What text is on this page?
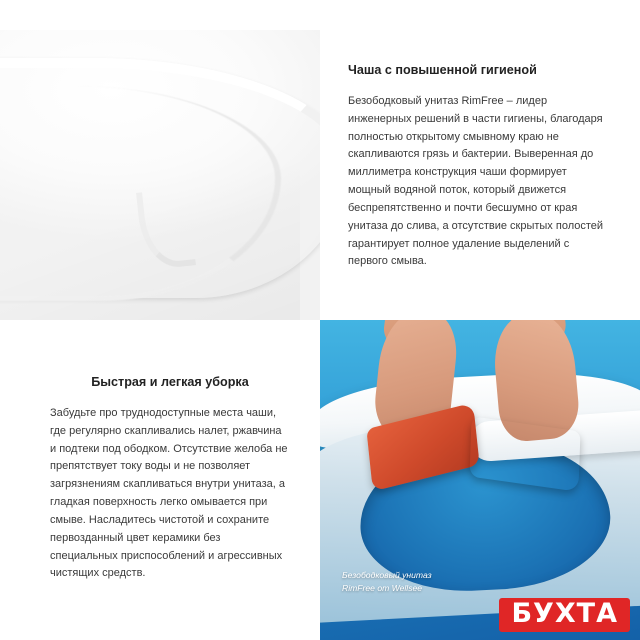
Чаша с повышенной гигиеной

Безободковый унитаз RimFree – лидер инженерных решений в части гигиены, благодаря полностью открытому смывному краю не скапливаются грязь и бактерии. Выверенная до миллиметра конструкция чаши формирует мощный водяной поток, который движется беспрепятственно и почти бесшумно от края унитаза до слива, а отсутствие скрытых полостей гарантирует полное удаление выделений с первого смыва.

Быстрая и легкая уборка

Забудьте про труднодоступные места чаши, где регулярно скапливались налет, ржавчина и подтеки под ободком. Отсутствие желоба не препятствует току воды и не позволяет загрязнениям скапливаться внутри унитаза, а гладкая поверхность легко омывается при смыве. Насладитесь чистотой и сохраните первозданный цвет керамики без специальных приспособлений и агрессивных чистящих средств.	Безободковый унитаз
RimFree от Wellsee
БУХТА
